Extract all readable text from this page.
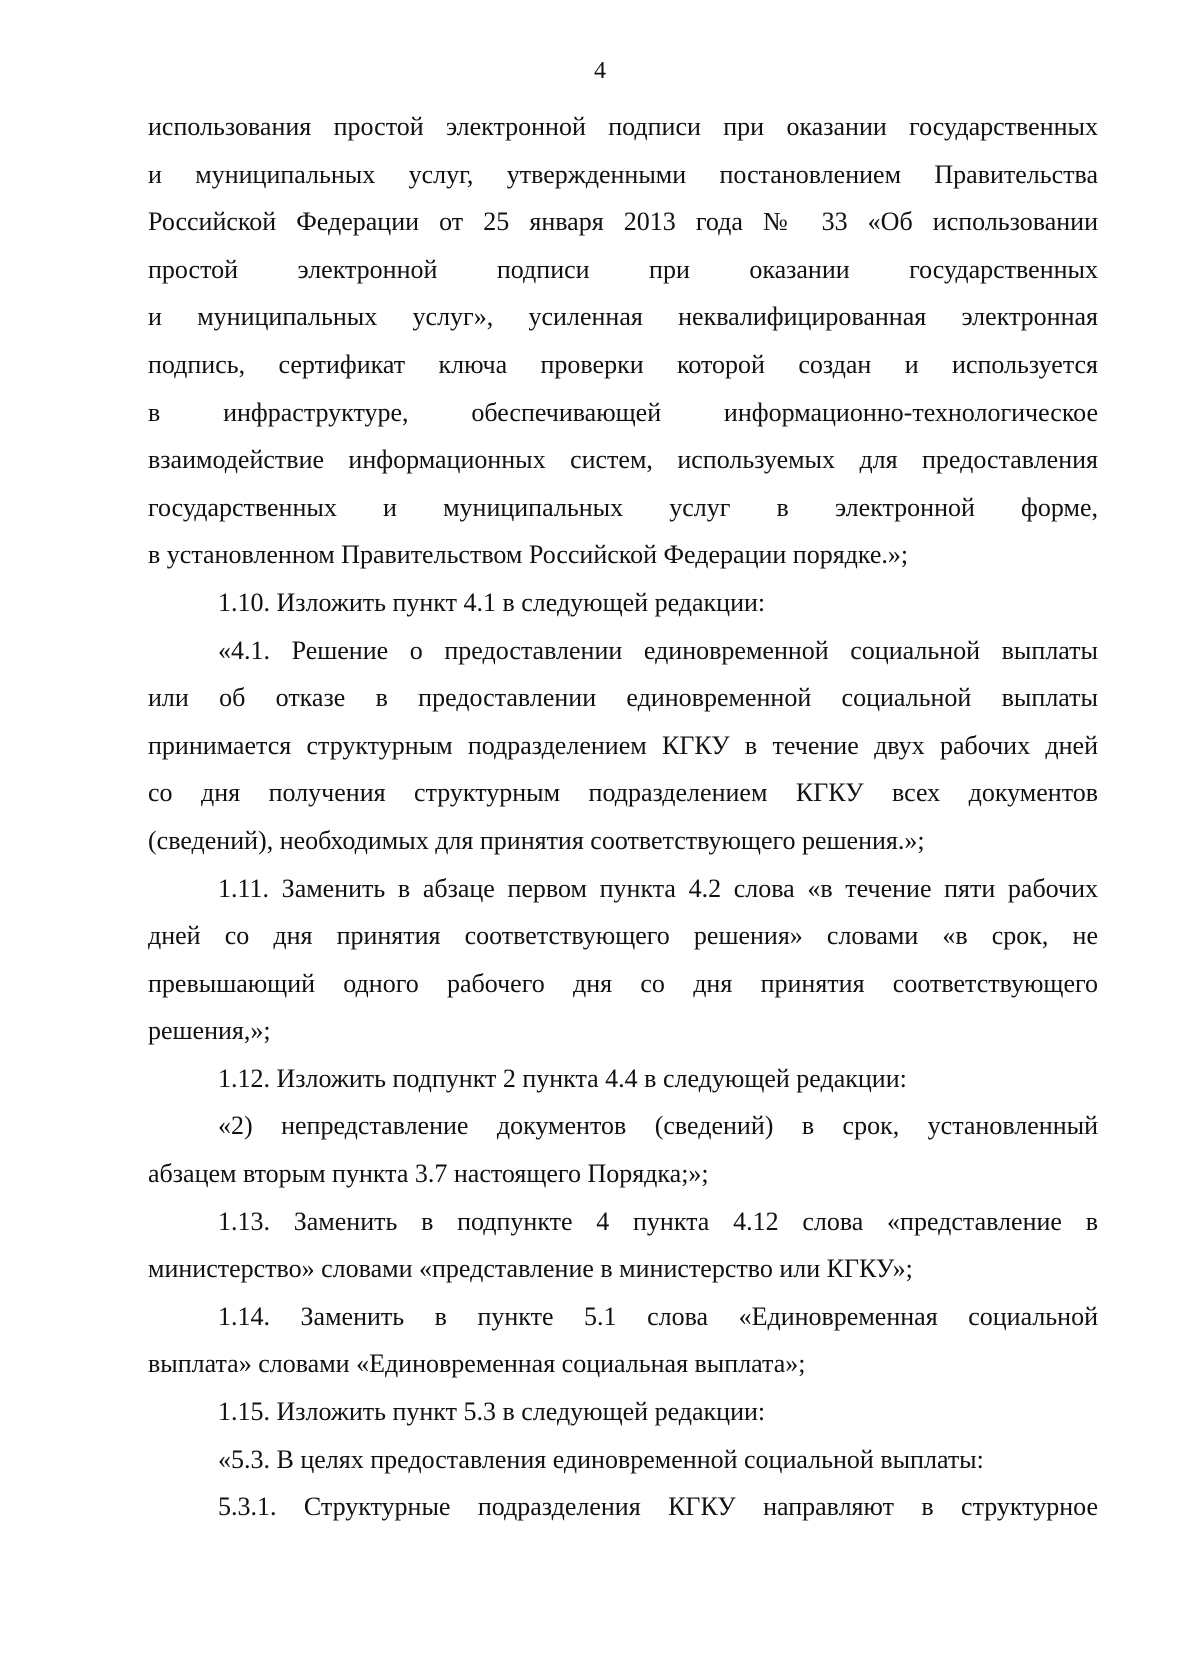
4
использования простой электронной подписи при оказании государственных
и муниципальных услуг, утвержденными постановлением Правительства
Российской Федерации от 25 января 2013 года № 33 «Об использовании
простой электронной подписи при оказании государственных
и муниципальных услуг», усиленная неквалифицированная электронная
подпись, сертификат ключа проверки которой создан и используется
в инфраструктуре, обеспечивающей информационно-технологическое
взаимодействие информационных систем, используемых для предоставления
государственных и муниципальных услуг в электронной форме,
в установленном Правительством Российской Федерации порядке.»;
1.10. Изложить пункт 4.1 в следующей редакции:
«4.1. Решение о предоставлении единовременной социальной выплаты
или об отказе в предоставлении единовременной социальной выплаты
принимается структурным подразделением КГКУ в течение двух рабочих дней
со дня получения структурным подразделением КГКУ всех документов
(сведений), необходимых для принятия соответствующего решения.»;
1.11. Заменить в абзаце первом пункта 4.2 слова «в течение пяти рабочих
дней со дня принятия соответствующего решения» словами «в срок, не
превышающий одного рабочего дня со дня принятия соответствующего
решения,»;
1.12. Изложить подпункт 2 пункта 4.4 в следующей редакции:
«2) непредставление документов (сведений) в срок, установленный
абзацем вторым пункта 3.7 настоящего Порядка;»;
1.13. Заменить в подпункте 4 пункта 4.12 слова «представление в
министерство» словами «представление в министерство или КГКУ»;
1.14. Заменить в пункте 5.1 слова «Единовременная социальной
выплата» словами «Единовременная социальная выплата»;
1.15. Изложить пункт 5.3 в следующей редакции:
«5.3. В целях предоставления единовременной социальной выплаты:
5.3.1. Структурные подразделения КГКУ направляют в структурное
